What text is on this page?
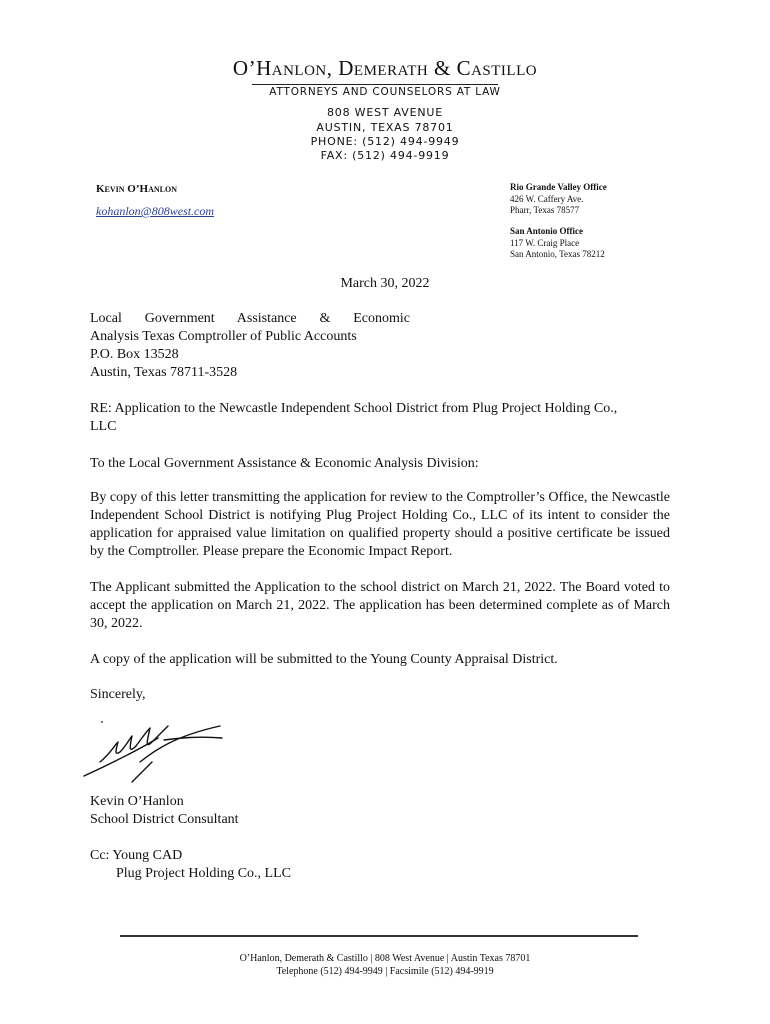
O’Hanlon, Demerath & Castillo
ATTORNEYS AND COUNSELORS AT LAW
808 WEST AVENUE
AUSTIN, TEXAS 78701
PHONE: (512) 494-9949
FAX: (512) 494-9919
Kevin O’Hanlon
kohanlon@808west.com
Rio Grande Valley Office
426 W. Caffery Ave.
Pharr, Texas 78577
San Antonio Office
117 W. Craig Place
San Antonio, Texas 78212
March 30, 2022
Local Government Assistance & Economic
Analysis Texas Comptroller of Public Accounts
P.O. Box 13528
Austin, Texas 78711-3528
RE: Application to the Newcastle Independent School District from Plug Project Holding Co., LLC
To the Local Government Assistance & Economic Analysis Division:
By copy of this letter transmitting the application for review to the Comptroller’s Office, the Newcastle Independent School District is notifying Plug Project Holding Co., LLC of its intent to consider the application for appraised value limitation on qualified property should a positive certificate be issued by the Comptroller. Please prepare the Economic Impact Report.
The Applicant submitted the Application to the school district on March 21, 2022. The Board voted to accept the application on March 21, 2022. The application has been determined complete as of March 30, 2022.
A copy of the application will be submitted to the Young County Appraisal District.
Sincerely,
Kevin O’Hanlon
School District Consultant
Cc: Young CAD
Plug Project Holding Co., LLC
O’Hanlon, Demerath & Castillo | 808 West Avenue | Austin Texas 78701
Telephone (512) 494-9949 | Facsimile (512) 494-9919
